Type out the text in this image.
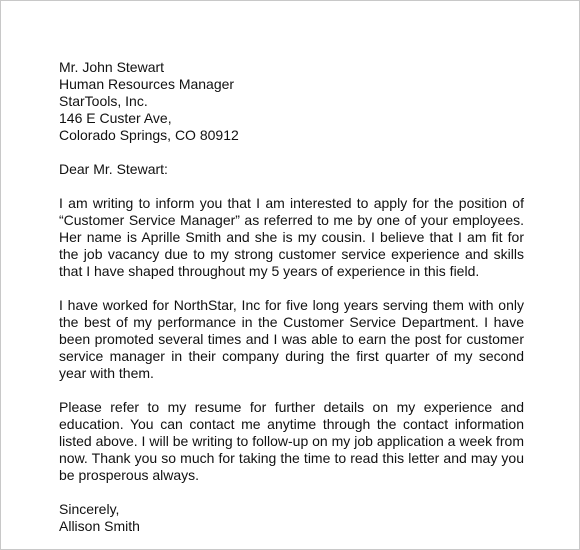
Mr. John Stewart
Human Resources Manager
StarTools, Inc.
146 E Custer Ave,
Colorado Springs, CO 80912
Dear Mr. Stewart:

I am writing to inform you that I am interested to apply for the position of “Customer Service Manager” as referred to me by one of your employees. Her name is Aprille Smith and she is my cousin. I believe that I am fit for the job vacancy due to my strong customer service experience and skills that I have shaped throughout my 5 years of experience in this field.

I have worked for NorthStar, Inc for five long years serving them with only the best of my performance in the Customer Service Department. I have been promoted several times and I was able to earn the post for customer service manager in their company during the first quarter of my second year with them.

Please refer to my resume for further details on my experience and education. You can contact me anytime through the contact information listed above. I will be writing to follow-up on my job application a week from now. Thank you so much for taking the time to read this letter and may you be prosperous always.

Sincerely,
Allison Smith
